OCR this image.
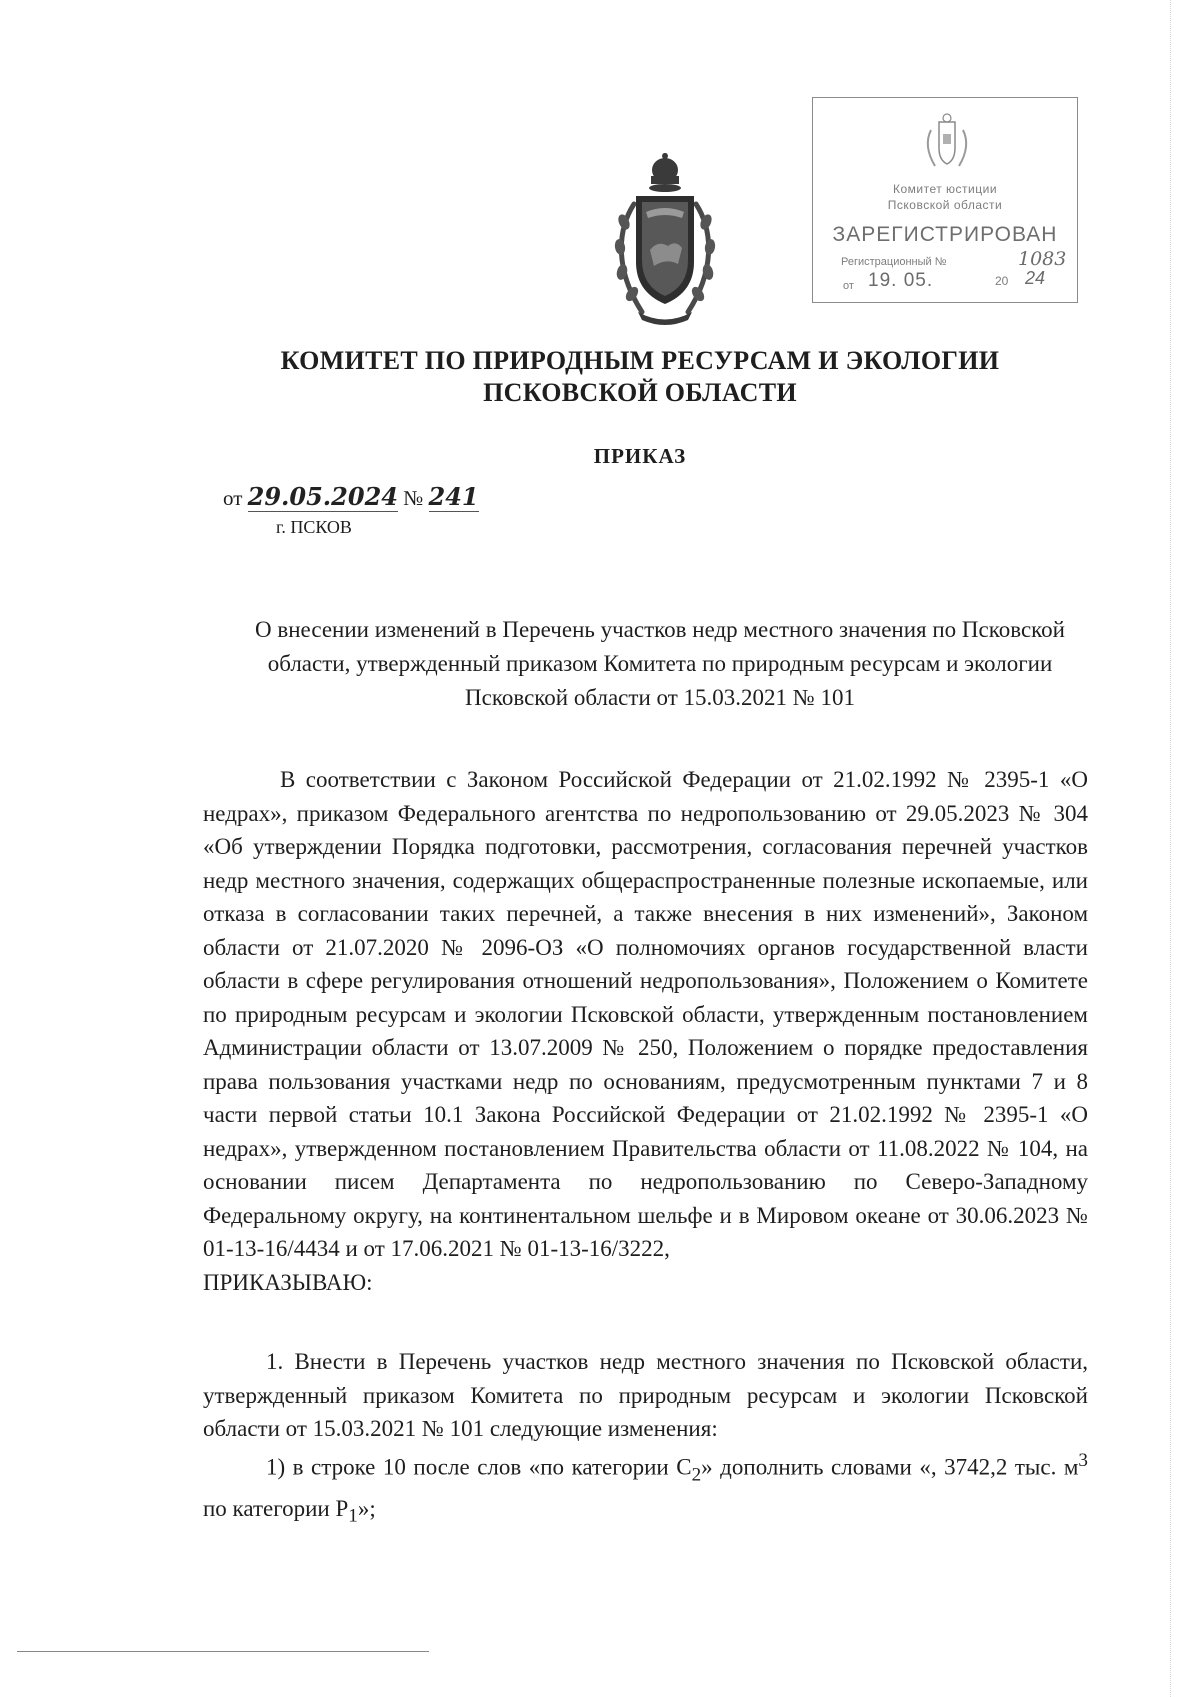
Комитет юстиции
Псковской области
ЗАРЕГИСТРИРОВАН
Регистрационный №	1083
от 19. 05.	20 24
КОМИТЕТ ПО ПРИРОДНЫМ РЕСУРСАМ И ЭКОЛОГИИ
ПСКОВСКОЙ ОБЛАСТИ
ПРИКАЗ
от 29.05.2024 № 241
г. ПСКОВ
О внесении изменений в Перечень участков недр местного значения по Псковской области, утвержденный приказом Комитета по природным ресурсам и экологии Псковской области от 15.03.2021 № 101

В соответствии с Законом Российской Федерации от 21.02.1992 № 2395-1 «О недрах», приказом Федерального агентства по недропользованию от 29.05.2023 № 304 «Об утверждении Порядка подготовки, рассмотрения, согласования перечней участков недр местного значения, содержащих общераспространенные полезные ископаемые, или отказа в согласовании таких перечней, а также внесения в них изменений», Законом области от 21.07.2020 № 2096-ОЗ «О полномочиях органов государственной власти области в сфере регулирования отношений недропользования», Положением о Комитете по природным ресурсам и экологии Псковской области, утвержденным постановлением Администрации области от 13.07.2009 № 250, Положением о порядке предоставления права пользования участками недр по основаниям, предусмотренным пунктами 7 и 8 части первой статьи 10.1 Закона Российской Федерации от 21.02.1992 № 2395-1 «О недрах», утвержденном постановлением Правительства области от 11.08.2022 № 104, на основании писем Департамента по недропользованию по Северо-Западному Федеральному округу, на континентальном шельфе и в Мировом океане от 30.06.2023 № 01-13-16/4434 и от 17.06.2021 № 01-13-16/3222,

ПРИКАЗЫВАЮ:

1. Внести в Перечень участков недр местного значения по Псковской области, утвержденный приказом Комитета по природным ресурсам и экологии Псковской области от 15.03.2021 № 101 следующие изменения:

1) в строке 10 после слов «по категории $C_2$» дополнить словами «, 3742,2 тыс. $м^3$ по категории $P_1$»;
